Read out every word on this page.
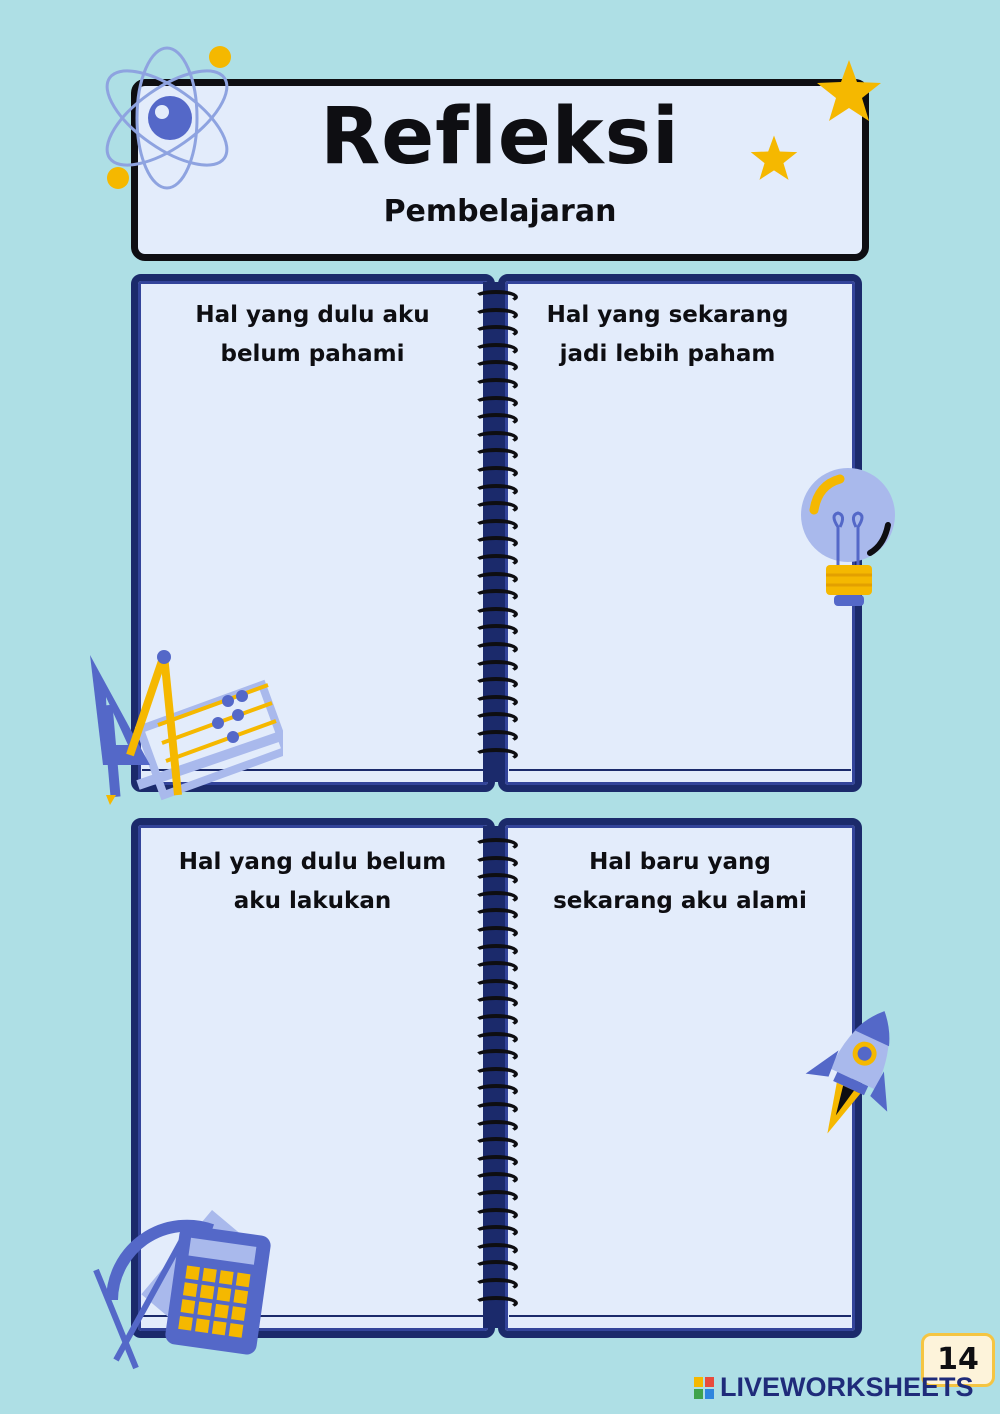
Refleksi
Pembelajaran
Hal yang dulu aku
belum pahami
Hal yang sekarang
jadi lebih paham
Hal yang dulu belum
aku lakukan
Hal baru yang
sekarang aku alami
14
LIVEWORKSHEETS
